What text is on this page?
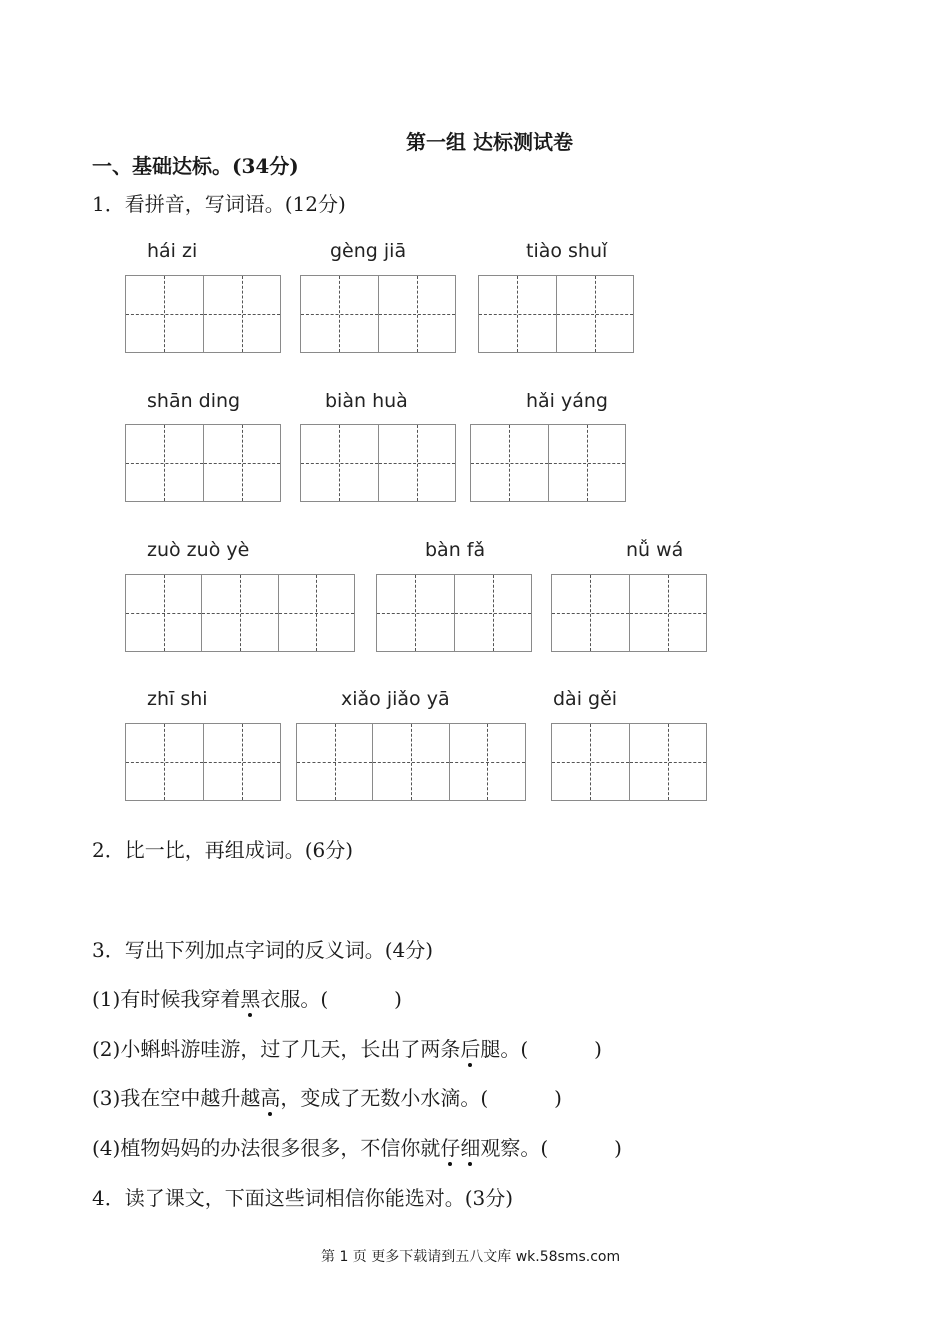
第一组 达标测试卷
一、基础达标。(34分)
1．看拼音，写词语。(12分)
hái zi	gèng jiā	tiào shuǐ
shān ding	biàn huà	hǎi yáng
zuò zuò yè	bàn fǎ	nǚ wá
zhī shi	xiǎo jiǎo yā	dài gěi
2．比一比，再组成词。(6分)
3．写出下列加点字词的反义词。(4分)
(1)有时候我穿着黑衣服。(	)
(2)小蝌蚪游哇游，过了几天，长出了两条后腿。(	)
(3)我在空中越升越高，变成了无数小水滴。(	)
(4)植物妈妈的办法很多很多，不信你就仔细观察。(	)
4．读了课文，下面这些词相信你能选对。(3分)
第 1 页 更多下载请到五八文库 wk.58sms.com
